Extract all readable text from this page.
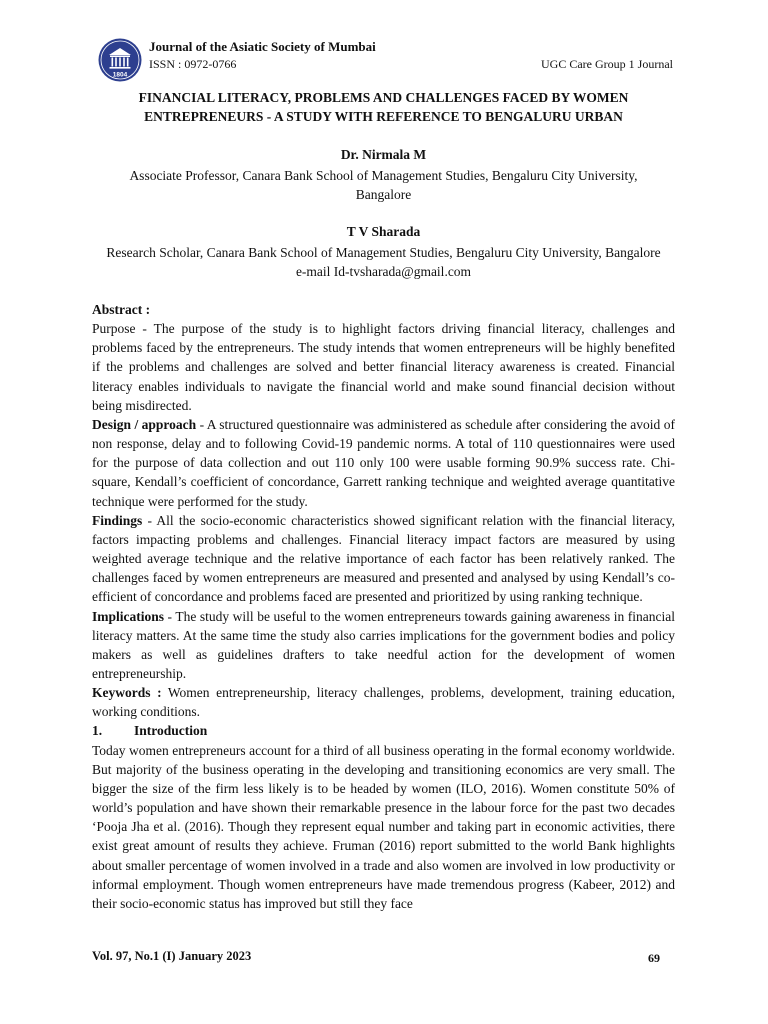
1804
Journal of the Asiatic Society of Mumbai
ISSN : 0972-0766	UGC Care Group 1 Journal
FINANCIAL LITERACY, PROBLEMS AND CHALLENGES FACED BY WOMEN
ENTREPRENEURS - A STUDY WITH REFERENCE TO BENGALURU URBAN
Dr. Nirmala M
Associate Professor, Canara Bank School of Management Studies, Bengaluru City University,
Bangalore
T V Sharada
Research Scholar, Canara Bank School of Management Studies, Bengaluru City University, Bangalore
e-mail Id-tvsharada@gmail.com

Abstract :

Purpose - The purpose of the study is to highlight factors driving financial literacy, challenges and problems faced by the entrepreneurs. The study intends that women entrepreneurs will be highly benefited if the problems and challenges are solved and better financial literacy awareness is created. Financial literacy enables individuals to navigate the financial world and make sound financial decision without being misdirected.

Design / approach - A structured questionnaire was administered as schedule after considering the avoid of non response, delay and to following Covid-19 pandemic norms. A total of 110 questionnaires were used for the purpose of data collection and out 110 only 100 were usable forming 90.9% success rate. Chi-square, Kendall’s coefficient of concordance, Garrett ranking technique and weighted average quantitative technique were performed for the study.

Findings - All the socio-economic characteristics showed significant relation with the financial literacy, factors impacting problems and challenges. Financial literacy impact factors are measured by using weighted average technique and the relative importance of each factor has been relatively ranked. The challenges faced by women entrepreneurs are measured and presented and analysed by using Kendall’s co-efficient of concordance and problems faced are presented and prioritized by using ranking technique.

Implications - The study will be useful to the women entrepreneurs towards gaining awareness in financial literacy matters. At the same time the study also carries implications for the government bodies and policy makers as well as guidelines drafters to take needful action for the development of women entrepreneurship.

Keywords : Women entrepreneurship, literacy challenges, problems, development, training education, working conditions.

1. Introduction

Today women entrepreneurs account for a third of all business operating in the formal economy worldwide. But majority of the business operating in the developing and transitioning economics are very small. The bigger the size of the firm less likely is to be headed by women (ILO, 2016). Women constitute 50% of world’s population and have shown their remarkable presence in the labour force for the past two decades ‘Pooja Jha et al. (2016). Though they represent equal number and taking part in economic activities, there exist great amount of results they achieve. Fruman (2016) report submitted to the world Bank highlights about smaller percentage of women involved in a trade and also women are involved in low productivity or informal employment. Though women entrepreneurs have made tremendous progress (Kabeer, 2012) and their socio-economic status has improved but still they face

Vol. 97, No.1 (I) January 2023	69
